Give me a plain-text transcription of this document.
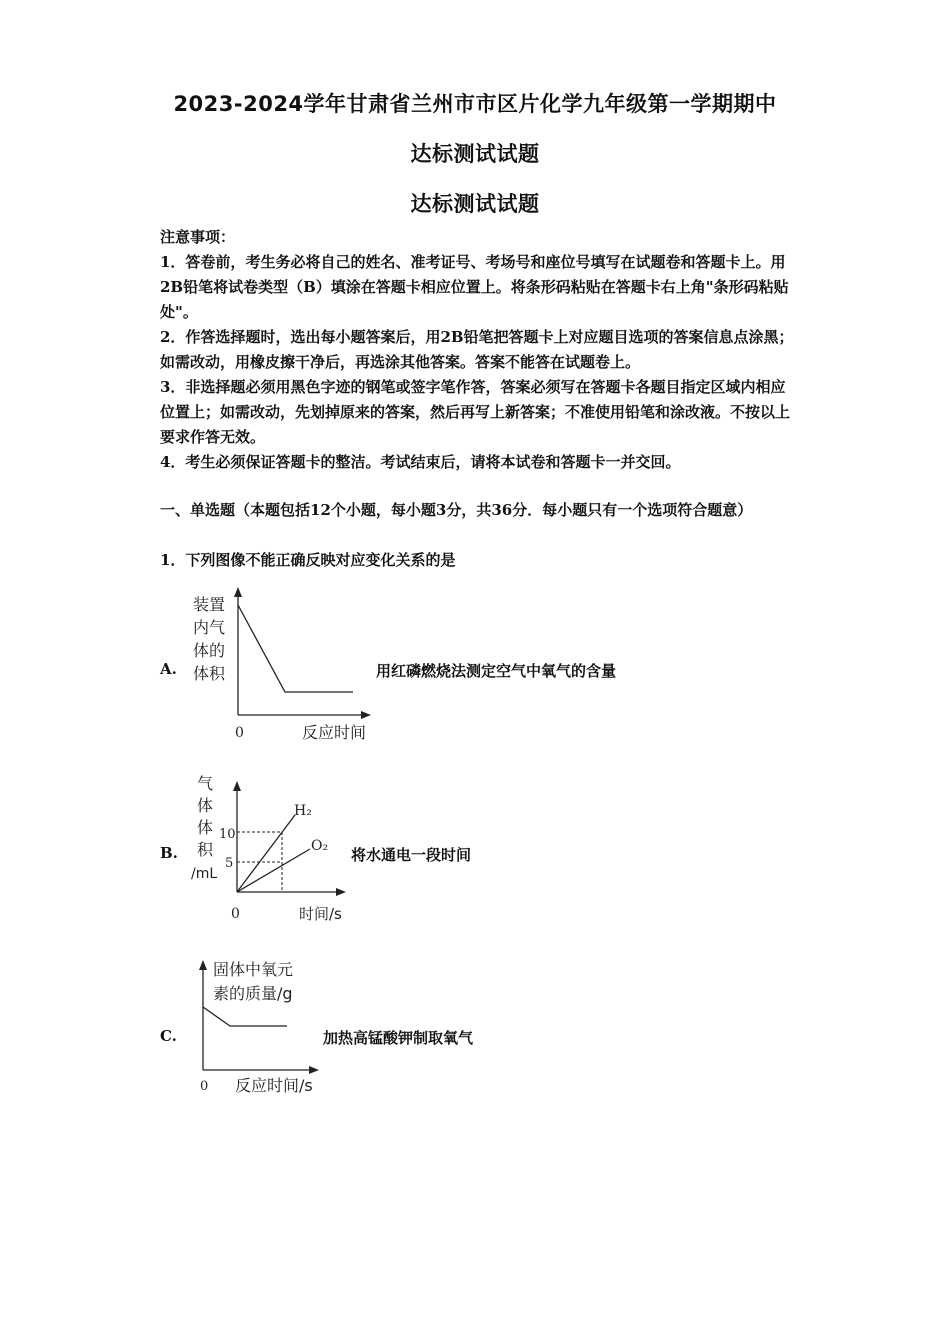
2023-2024学年甘肃省兰州市市区片化学九年级第一学期期中
达标测试试题
达标测试试题

注意事项：

1．答卷前，考生务必将自己的姓名、准考证号、考场号和座位号填写在试题卷和答题卡上。用2B铅笔将试卷类型（B）填涂在答题卡相应位置上。将条形码粘贴在答题卡右上角"条形码粘贴处"。

2．作答选择题时，选出每小题答案后，用2B铅笔把答题卡上对应题目选项的答案信息点涂黑；如需改动，用橡皮擦干净后，再选涂其他答案。答案不能答在试题卷上。

3．非选择题必须用黑色字迹的钢笔或签字笔作答，答案必须写在答题卡各题目指定区域内相应位置上；如需改动，先划掉原来的答案，然后再写上新答案；不准使用铅笔和涂改液。不按以上要求作答无效。

4．考生必须保证答题卡的整洁。考试结束后，请将本试卷和答题卡一并交回。

一、单选题（本题包括12个小题，每小题3分，共36分．每小题只有一个选项符合题意）
1．下列图像不能正确反映对应变化关系的是
A.
装置
内气
体的
体积
0	反应时间
用红磷燃烧法测定空气中氧气的含量
B.
气
体
体
积
/mL
10
5
H₂
O₂
0	时间/s
将水通电一段时间
C.
固体中氧元
素的质量/g
0 反应时间/s
加热高锰酸钾制取氧气
